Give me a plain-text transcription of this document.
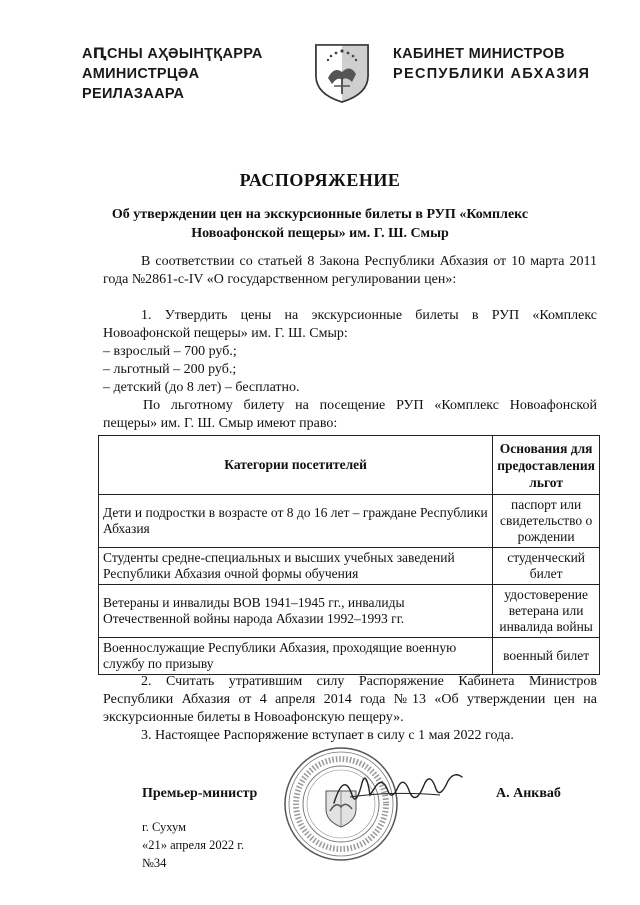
АԤСНЫ АҲӘЫНҬҚАРРА
АМИНИСТРЦӘА РЕИЛАЗААРА
КАБИНЕТ МИНИСТРОВ
РЕСПУБЛИКИ АБХАЗИЯ
РАСПОРЯЖЕНИЕ
Об утверждении цен на экскурсионные билеты в РУП «Комплекс
Новоафонской пещеры» им. Г. Ш. Смыр
В соответствии со статьей 8 Закона Республики Абхазия от 10 марта 2011 года №2861-с-IV «О государственном регулировании цен»:
1. Утвердить цены на экскурсионные билеты в РУП «Комплекс Новоафонской пещеры» им. Г. Ш. Смыр:
– взрослый – 700 руб.;
– льготный – 200 руб.;
– детский (до 8 лет) – бесплатно.
По льготному билету на посещение РУП «Комплекс Новоафонской пещеры» им. Г. Ш. Смыр имеют право:
Категории посетителей	Основания для предоставления льгот
Дети и подростки в возрасте от 8 до 16 лет – граждане Республики Абхазия	паспорт или свидетельство о рождении
Студенты средне-специальных и высших учебных заведений Республики Абхазия очной формы обучения	студенческий билет
Ветераны и инвалиды ВОВ 1941–1945 гг., инвалиды Отечественной войны народа Абхазии 1992–1993 гг.	удостоверение ветерана или инвалида войны
Военнослужащие Республики Абхазия, проходящие военную службу по призыву	военный билет
2. Считать утратившим силу Распоряжение Кабинета Министров Республики Абхазия от 4 апреля 2014 года №13 «Об утверждении цен на экскурсионные билеты в Новоафонскую пещеру».
3. Настоящее Распоряжение вступает в силу с 1 мая 2022 года.
Премьер-министр	А. Анкваб
г. Сухум
«21» апреля 2022 г.
№34
